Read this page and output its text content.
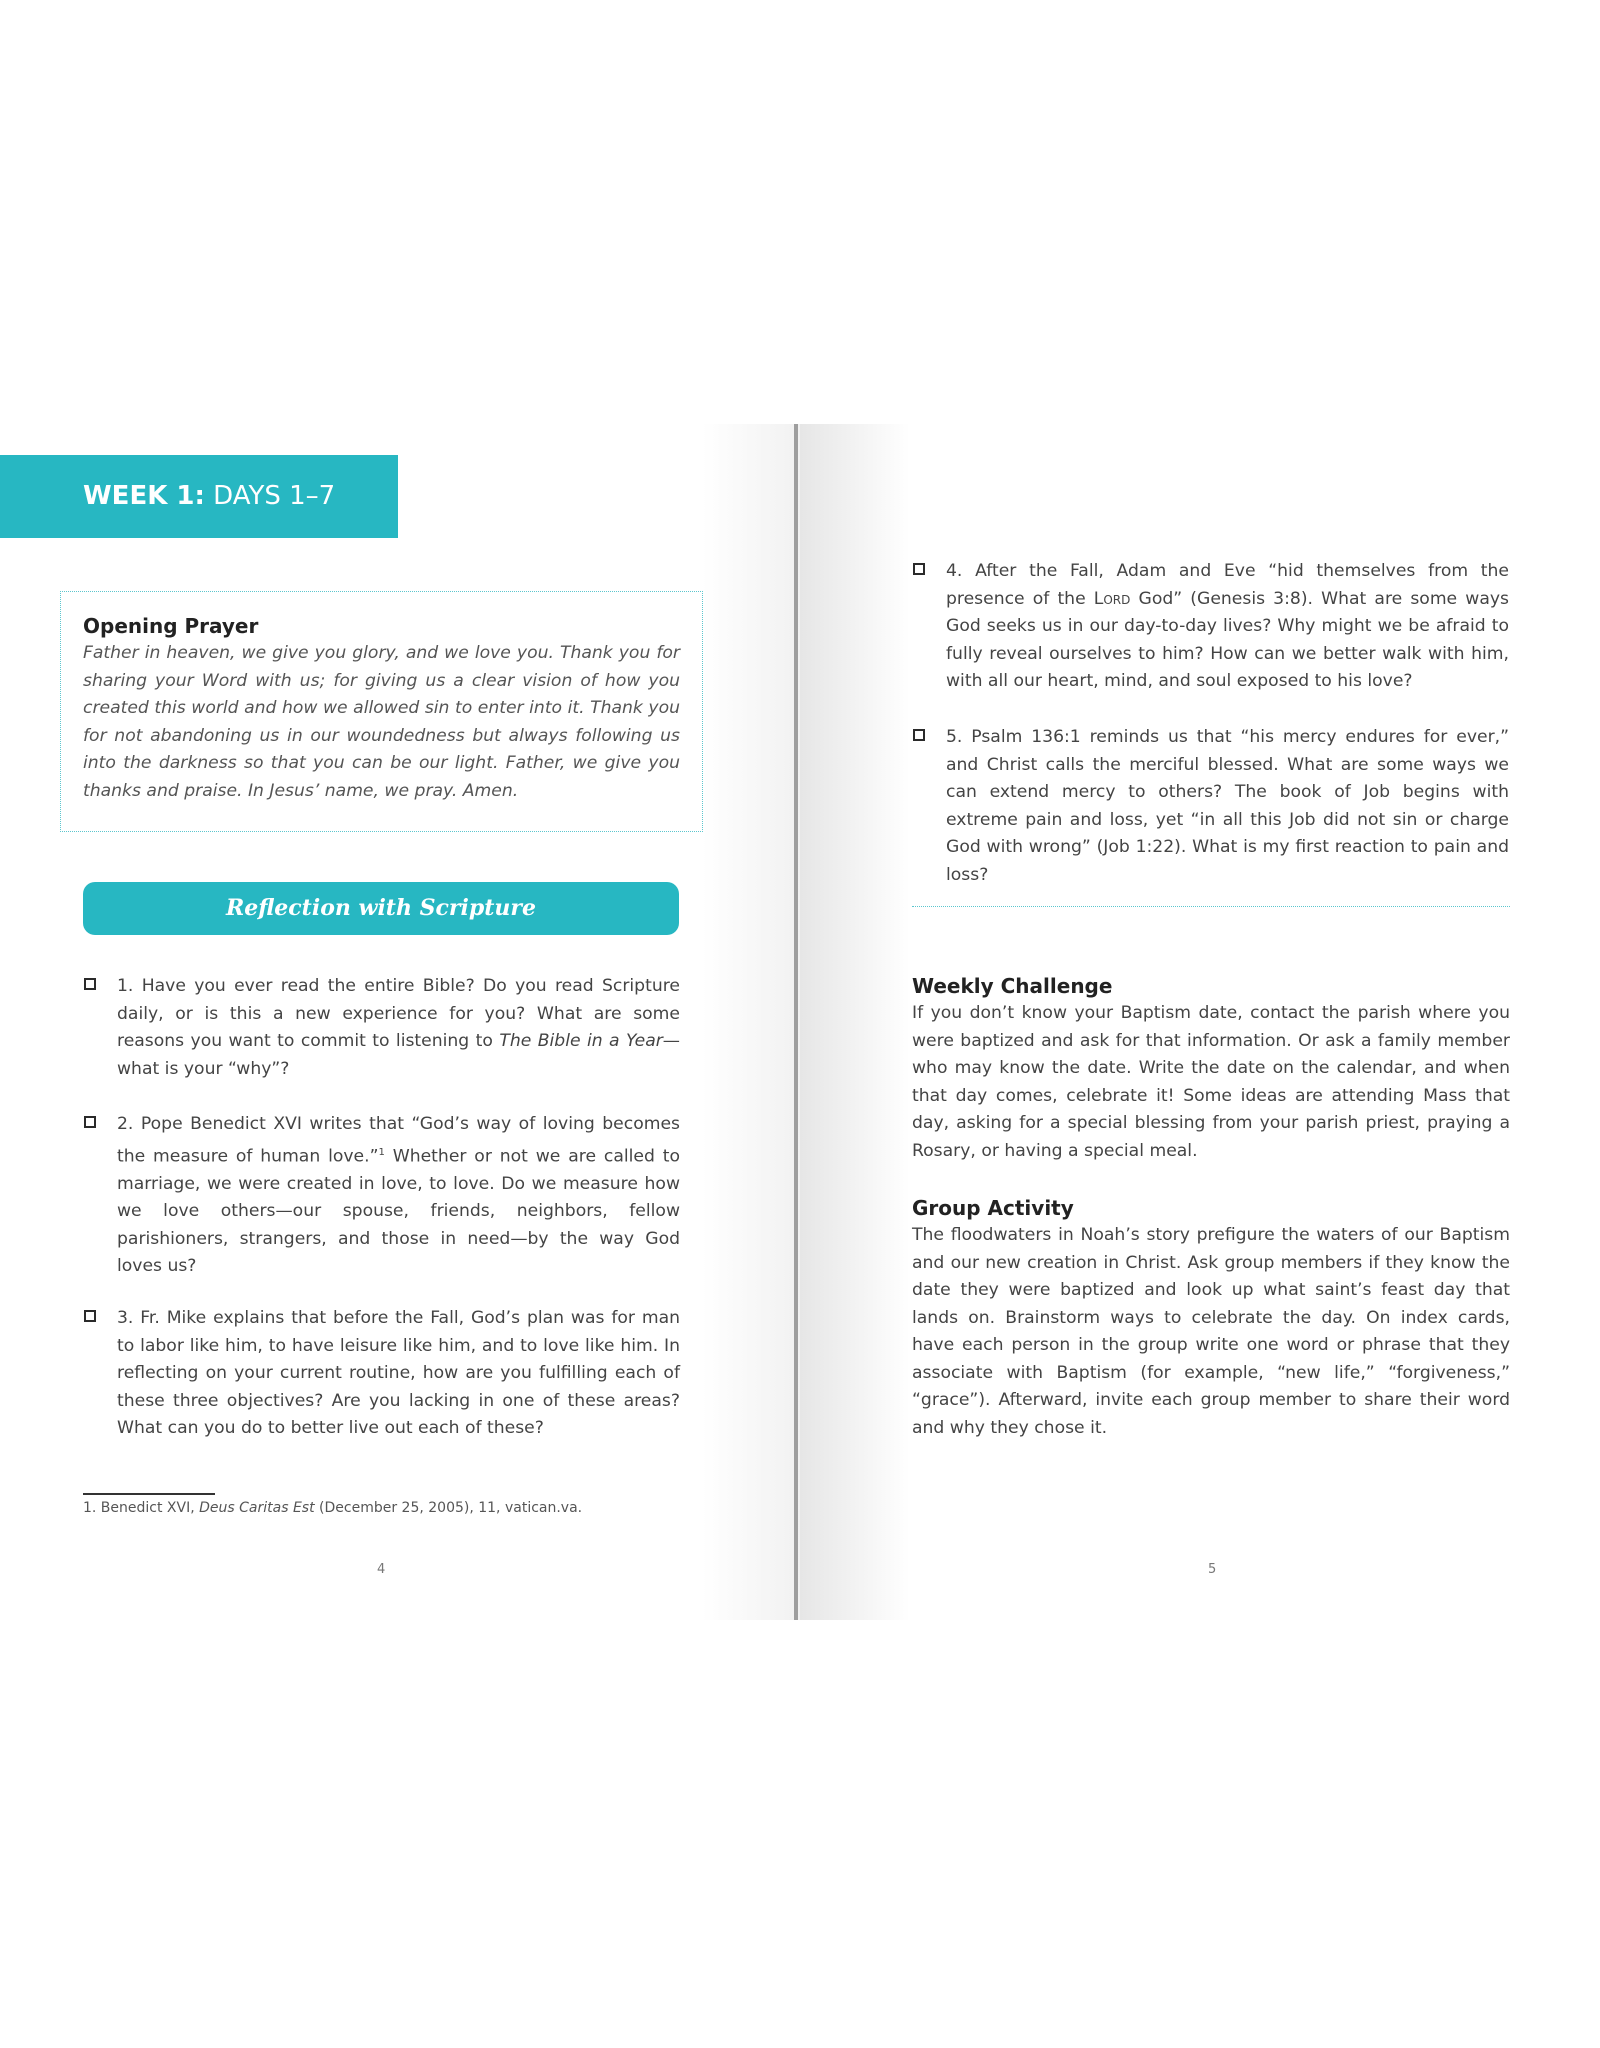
WEEK 1: DAYS 1–7
Opening Prayer
Father in heaven, we give you glory, and we love you. Thank you for sharing your Word with us; for giving us a clear vision of how you created this world and how we allowed sin to enter into it. Thank you for not abandoning us in our woundedness but always following us into the darkness so that you can be our light. Father, we give you thanks and praise. In Jesus’ name, we pray. Amen.
Reflection with Scripture
1. Have you ever read the entire Bible? Do you read Scripture daily, or is this a new experience for you? What are some reasons you want to commit to listening to The Bible in a Year—what is your “why”?
2. Pope Benedict XVI writes that “God’s way of loving becomes the measure of human love.”$^1$ Whether or not we are called to marriage, we were created in love, to love. Do we measure how we love others—our spouse, friends, neighbors, fellow parishioners, strangers, and those in need—by the way God loves us?
3. Fr. Mike explains that before the Fall, God’s plan was for man to labor like him, to have leisure like him, and to love like him. In reflecting on your current routine, how are you fulfilling each of these three objectives? Are you lacking in one of these areas? What can you do to better live out each of these?
1. Benedict XVI, Deus Caritas Est (December 25, 2005), 11, vatican.va.
4
4. After the Fall, Adam and Eve “hid themselves from the presence of the Lord God” (Genesis 3:8). What are some ways God seeks us in our day-to-day lives? Why might we be afraid to fully reveal ourselves to him? How can we better walk with him, with all our heart, mind, and soul exposed to his love?
5. Psalm 136:1 reminds us that “his mercy endures for ever,” and Christ calls the merciful blessed. What are some ways we can extend mercy to others? The book of Job begins with extreme pain and loss, yet “in all this Job did not sin or charge God with wrong” (Job 1:22). What is my first reaction to pain and loss?
Weekly Challenge
If you don’t know your Baptism date, contact the parish where you were baptized and ask for that information. Or ask a family member who may know the date. Write the date on the calendar, and when that day comes, celebrate it! Some ideas are attending Mass that day, asking for a special blessing from your parish priest, praying a Rosary, or having a special meal.
Group Activity
The floodwaters in Noah’s story prefigure the waters of our Baptism and our new creation in Christ. Ask group members if they know the date they were baptized and look up what saint’s feast day that lands on. Brainstorm ways to celebrate the day. On index cards, have each person in the group write one word or phrase that they associate with Baptism (for example, “new life,” “forgiveness,” “grace”). Afterward, invite each group member to share their word and why they chose it.
5
